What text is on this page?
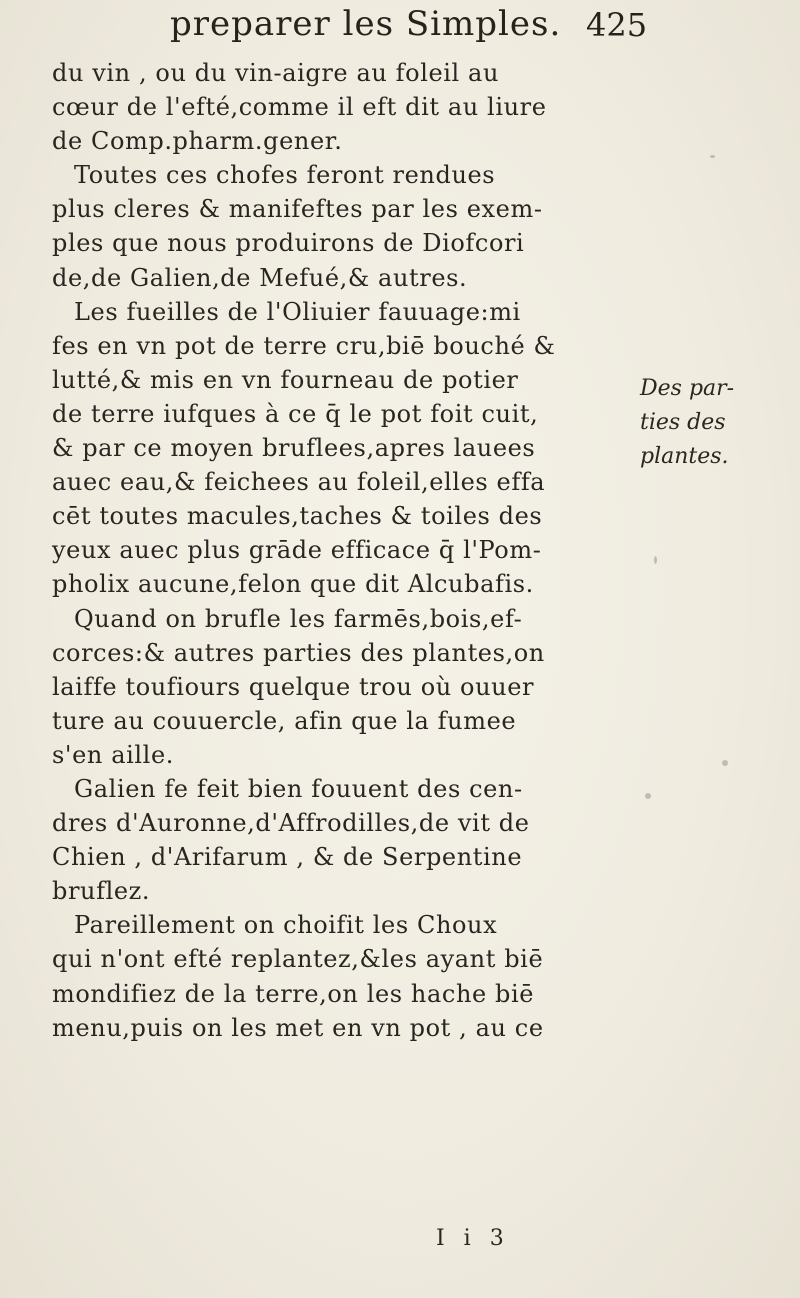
preparer les Simples. 425
du vin , ou du vin-aigre au foleil au
cœur de l'efté,comme il eft dit au liure
de Comp.pharm.gener.
Toutes ces chofes feront rendues
plus cleres & manifeftes par les exem-
ples que nous produirons de Diofcori
de,de Galien,de Mefué,& autres.
Les fueilles de l'Oliuier fauuage:mi
fes en vn pot de terre cru,biē bouché &
lutté,& mis en vn fourneau de potier
de terre iufques à ce q̄ le pot foit cuit,
& par ce moyen bruflees,apres lauees
auec eau,& feichees au foleil,elles effa
cēt toutes macules,taches & toiles des
yeux auec plus grāde efficace q̄ l'Pom-
pholix aucune,felon que dit Alcubafis.
Quand on brufle les farmēs,bois,ef-
corces:& autres parties des plantes,on
laiffe toufiours quelque trou où ouuer
ture au couuercle, afin que la fumee
s'en aille.
Galien fe feit bien fouuent des cen-
dres d'Auronne,d'Affrodilles,de vit de
Chien , d'Arifarum , & de Serpentine
bruflez.
Pareillement on choifit les Choux
qui n'ont efté replantez,&les ayant biē
mondifiez de la terre,on les hache biē
menu,puis on les met en vn pot , au ce
Des par-
ties des
plantes.
I i 3
